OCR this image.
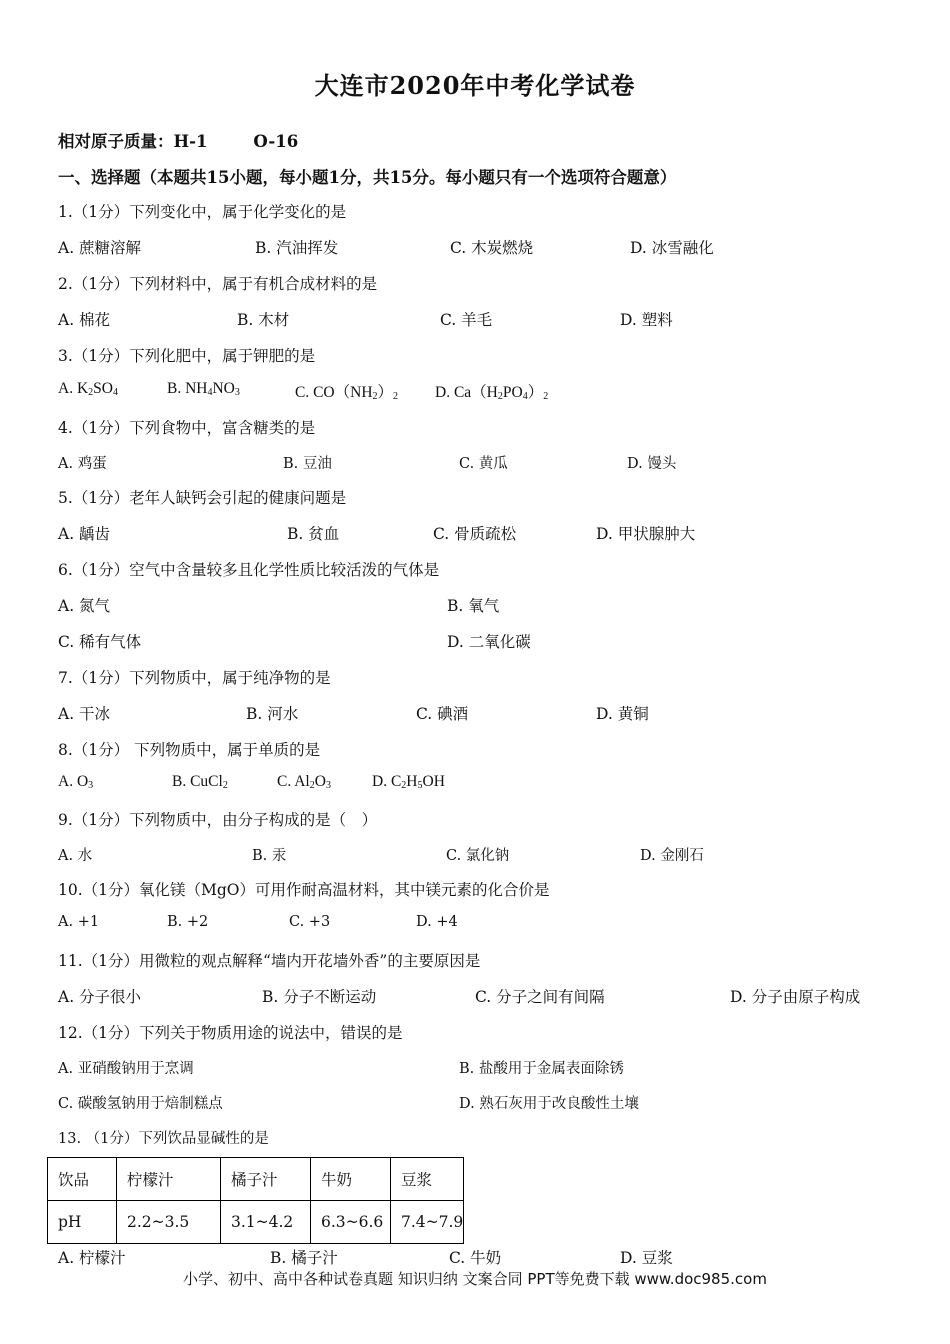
大连市2020年中考化学试卷
相对原子质量：H-1	O-16
一、选择题（本题共15小题，每小题1分，共15分。每小题只有一个选项符合题意）
1.（1分）下列变化中，属于化学变化的是
A. 蔗糖溶解	B. 汽油挥发	C. 木炭燃烧	D. 冰雪融化
2.（1分）下列材料中，属于有机合成材料的是
A. 棉花	B. 木材	C. 羊毛	D. 塑料
3.（1分）下列化肥中，属于钾肥的是
A. $K_2SO_4$	B. $NH_4NO_3$	C. $CO(NH_2)_2$ D. $Ca(H_2PO_4)_2$
4.（1分）下列食物中，富含糖类的是
A. 鸡蛋	B. 豆油	C. 黄瓜	D. 馒头
5.（1分）老年人缺钙会引起的健康问题是
A. 龋齿	B. 贫血	C. 骨质疏松	D. 甲状腺肿大
6.（1分）空气中含量较多且化学性质比较活泼的气体是
A. 氮气	B. 氧气
C. 稀有气体	D. 二氧化碳
7.（1分）下列物质中，属于纯净物的是
A. 干冰	B. 河水	C. 碘酒	D. 黄铜
8.（1分） 下列物质中，属于单质的是
A. $O_3$	B. CuCl$_2$	C. $Al_2O_3$	D. $C_2H_5OH$
9.（1分）下列物质中，由分子构成的是（　）
A. 水	B. 汞	C. 氯化钠	D. 金刚石
10.（1分）氧化镁（MgO）可用作耐高温材料，其中镁元素的化合价是
A. +1	B. +2	C. +3	D. +4
11.（1分）用微粒的观点解释“墙内开花墙外香”的主要原因是
A. 分子很小	B. 分子不断运动	C. 分子之间有间隔	D. 分子由原子构成
12.（1分）下列关于物质用途的说法中，错误的是
A. 亚硝酸钠用于烹调	B. 盐酸用于金属表面除锈
C. 碳酸氢钠用于焙制糕点	D. 熟石灰用于改良酸性土壤
13. （1分）下列饮品显碱性的是
饮品	柠檬汁	橘子汁	牛奶	豆浆
pH	2.2~3.5	3.1~4.2	6.3~6.6	7.4~7.9
A. 柠檬汁	B. 橘子汁	C. 牛奶	D. 豆浆
小学、初中、高中各种试卷真题 知识归纳 文案合同 PPT等免费下载 www.doc985.com
